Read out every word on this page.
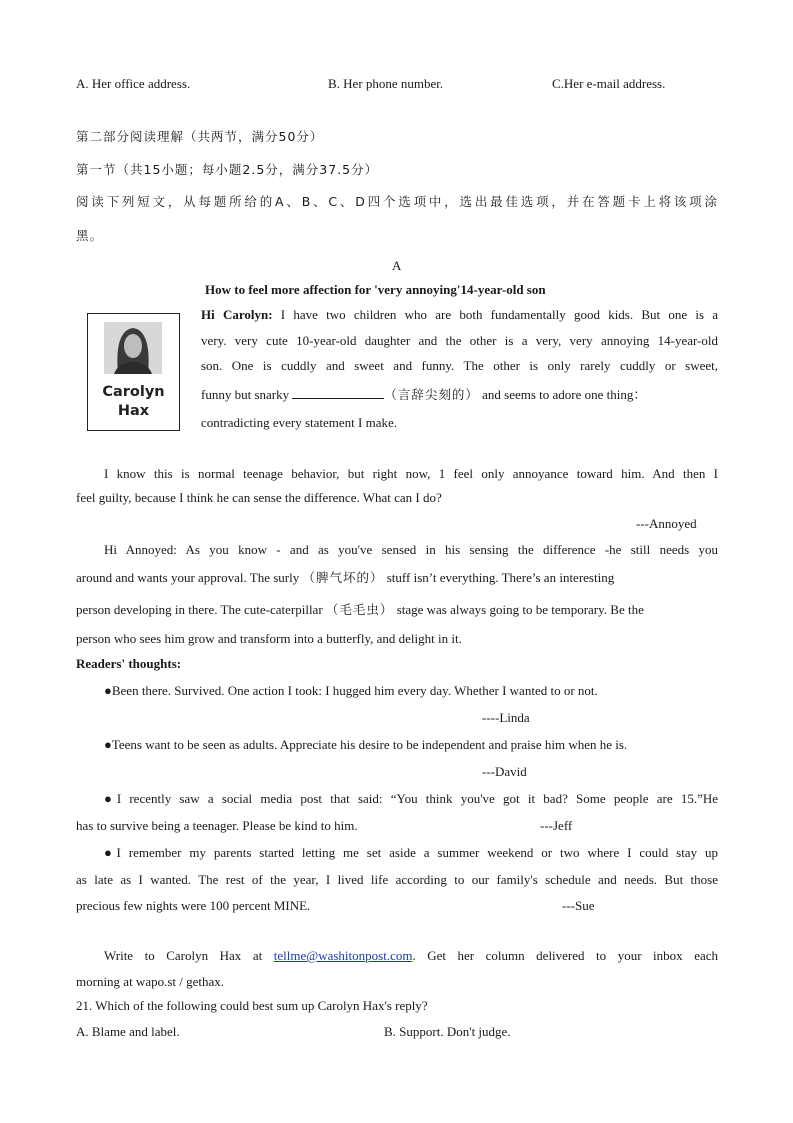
A. Her office address.	B. Her phone number.	C.Her e-mail address.
第二部分阅读理解（共两节，满分50分）
第一节（共15小题；每小题2.5分，满分37.5分）
阅读下列短文，从每题所给的A、B、C、D四个选项中，选出最佳选项，并在答题卡上将该项涂
黑。
A
How to feel more affection for 'very annoying'14-year-old son
Carolyn
Hax
Hi Carolyn: I have two children who are both fundamentally good kids. But one is a
very. very cute 10-year-old daughter and the other is a very, very annoying 14-year-old
son. One is cuddly and sweet and funny. The other is only rarely cuddly or sweet,
funny but snarky	（言辞尖刻的） and seems to adore one thing：
contradicting every statement I make.
I know this is normal teenage behavior, but right now, 1 feel only annoyance toward him. And then I
feel guilty, because I think he can sense the difference. What can I do?
---Annoyed
Hi Annoyed: As you know - and as you've sensed in his sensing the difference -he still needs you
around and wants your approval. The surly （脾气坏的） stuff isn’t everything. There’s an interesting
person developing in there. The cute-caterpillar （毛毛虫） stage was always going to be temporary. Be the
person who sees him grow and transform into a butterfly, and delight in it.
Readers' thoughts:
●Been there. Survived. One action I took: I hugged him every day. Whether I wanted to or not.
----Linda
●Teens want to be seen as adults. Appreciate his desire to be independent and praise him when he is.
---David
●I recently saw a social media post that said: “You think you've got it bad? Some people are 15.”He
has to survive being a teenager. Please be kind to him.	---Jeff
●I remember my parents started letting me set aside a summer weekend or two where I could stay up
as late as I wanted. The rest of the year, I lived life according to our family's schedule and needs. But those
precious few nights were 100 percent MINE.	---Sue
Write to Carolyn Hax at tellme@washitonpost.com. Get her column delivered to your inbox each
morning at wapo.st / gethax.
21. Which of the following could best sum up Carolyn Hax's reply?
A. Blame and label.	B. Support. Don't judge.
